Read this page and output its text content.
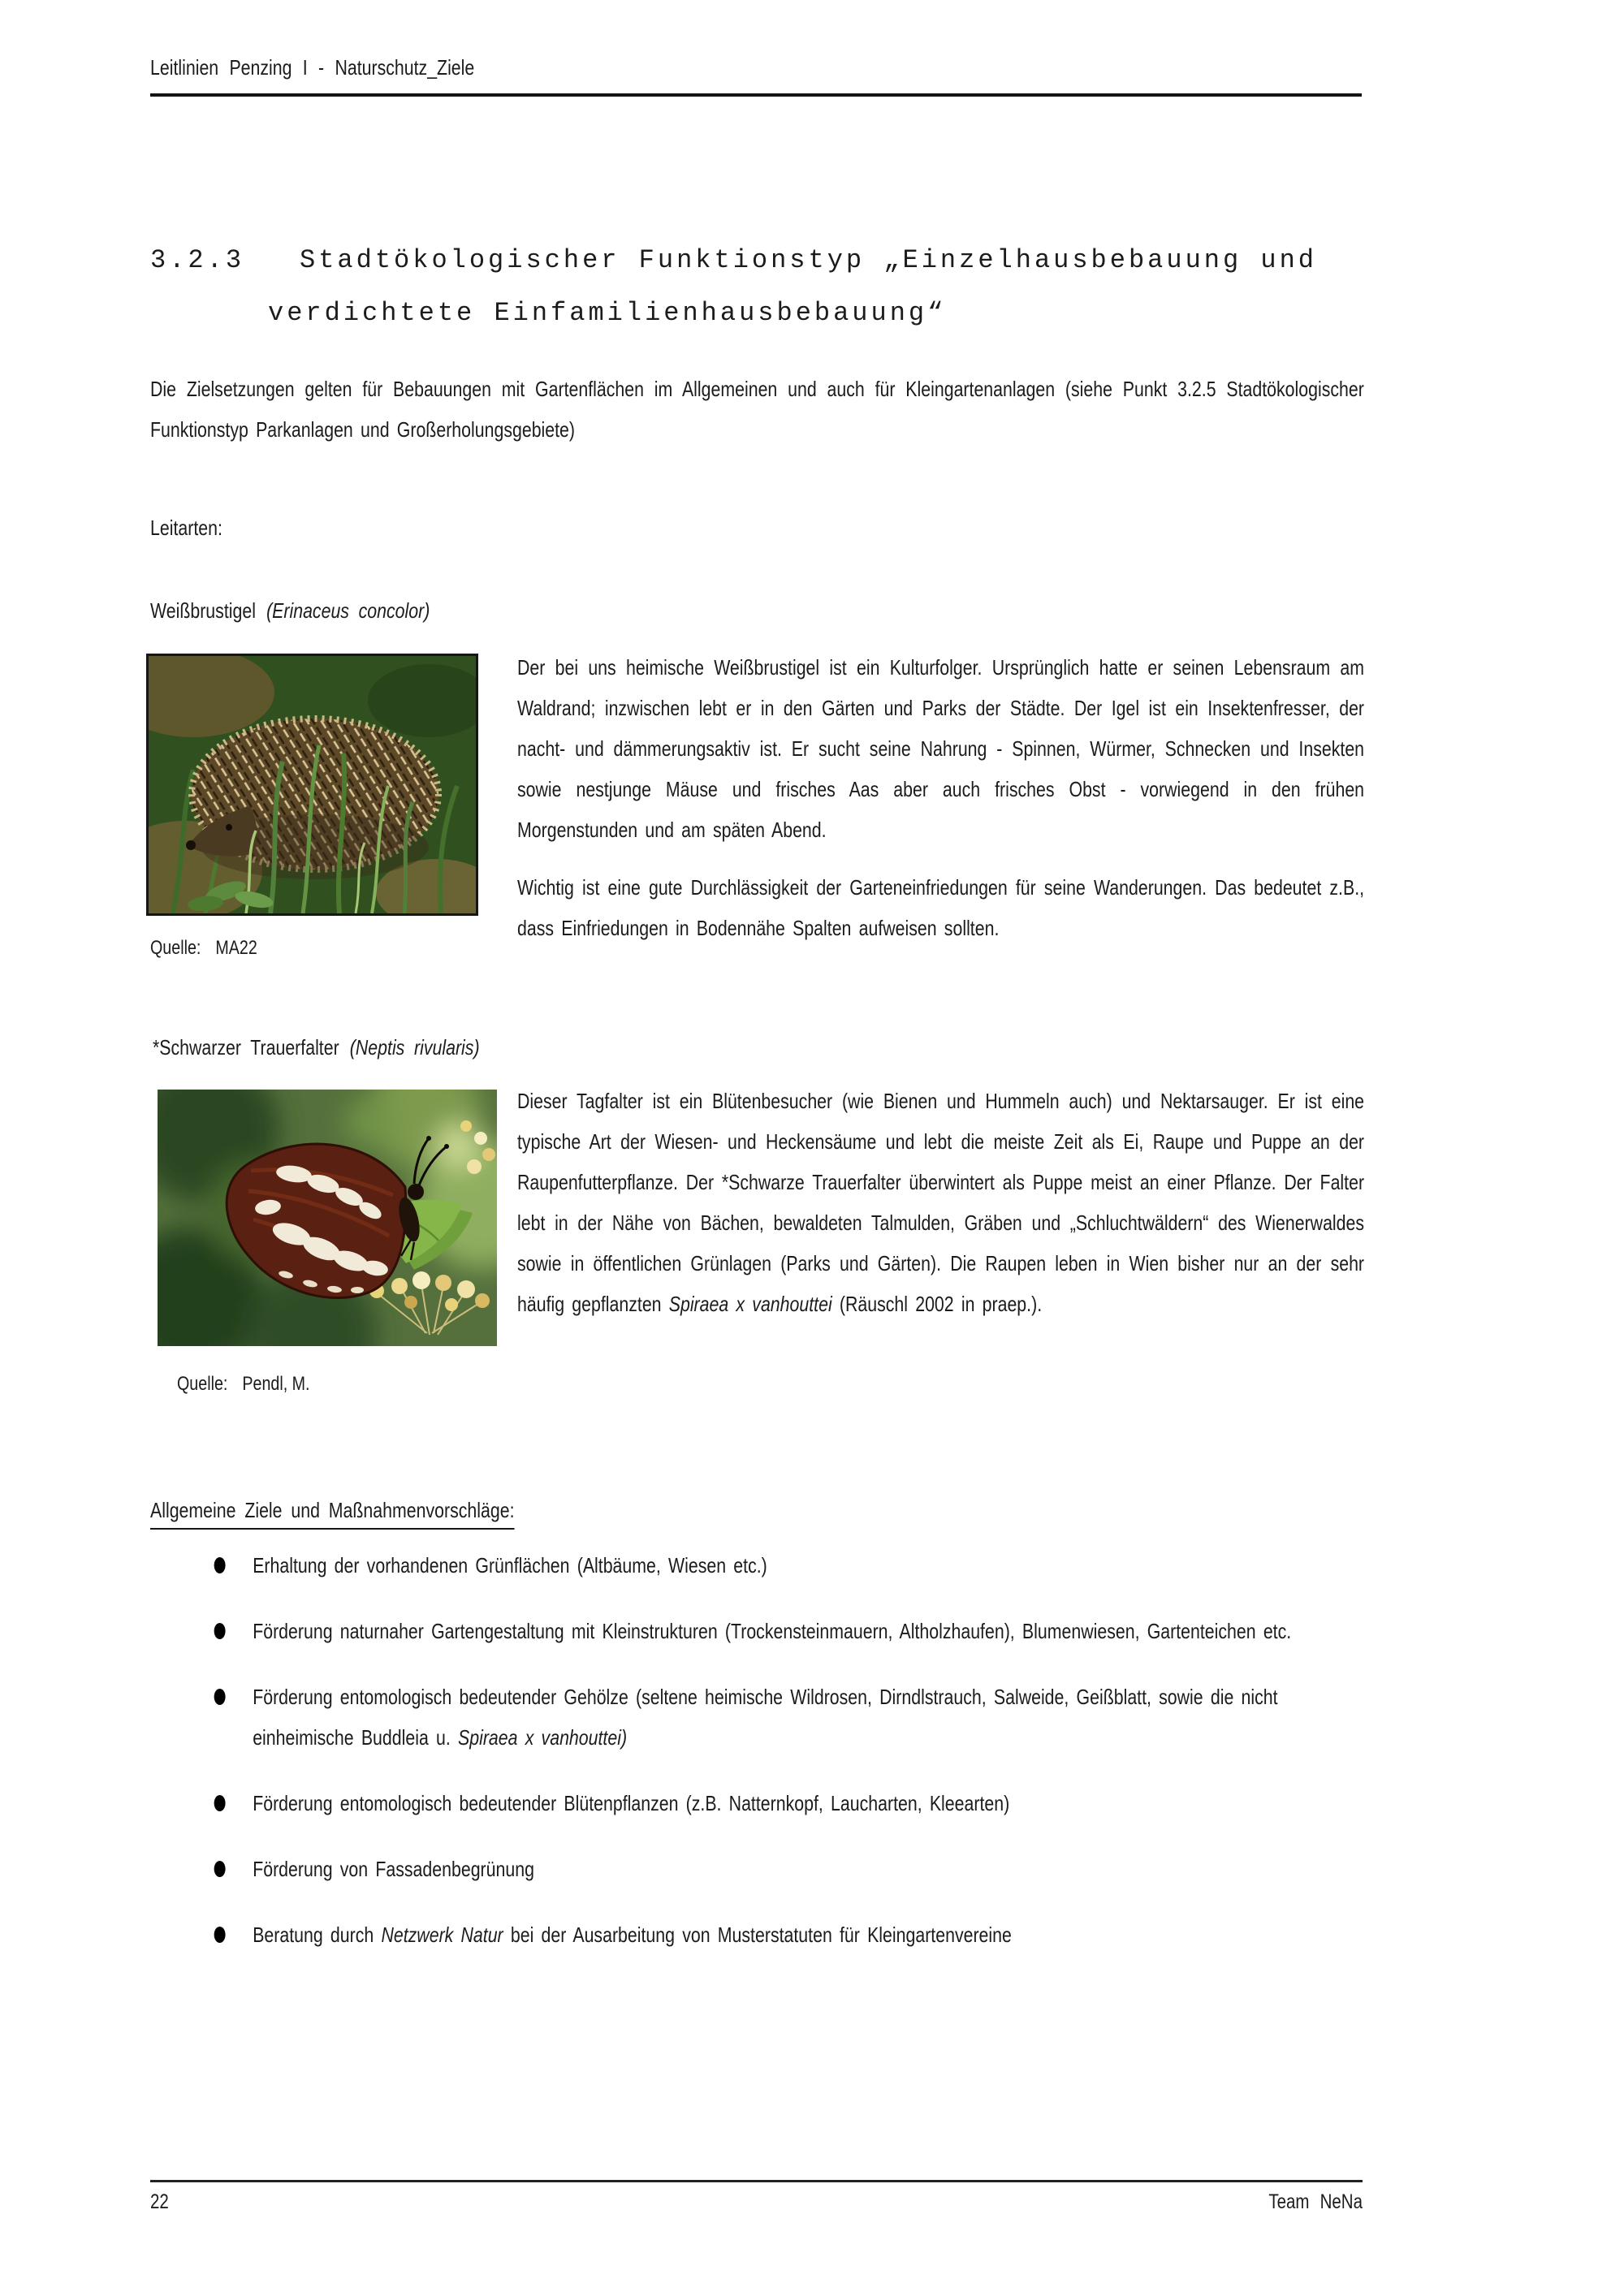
Leitlinien Penzing I - Naturschutz_Ziele
3.2.3 Stadtökologischer Funktionstyp „Einzelhausbebauung und
verdichtete Einfamilienhausbebauung“
Die Zielsetzungen gelten für Bebauungen mit Gartenflächen im Allgemeinen und auch für Kleingartenanlagen (siehe Punkt 3.2.5 Stadtökologischer Funktionstyp Parkanlagen und Großerholungsgebiete)
Leitarten:
Weißbrustigel (Erinaceus concolor)
Quelle: MA22

Der bei uns heimische Weißbrustigel ist ein Kulturfolger. Ursprünglich hatte er seinen Lebensraum am Waldrand; inzwischen lebt er in den Gärten und Parks der Städte. Der Igel ist ein Insektenfresser, der nacht- und dämmerungsaktiv ist. Er sucht seine Nahrung - Spinnen, Würmer, Schnecken und Insekten sowie nestjunge Mäuse und frisches Aas aber auch frisches Obst - vorwiegend in den frühen Morgenstunden und am späten Abend.

Wichtig ist eine gute Durchlässigkeit der Garteneinfriedungen für seine Wanderungen. Das bedeutet z.B., dass Einfriedungen in Bodennähe Spalten aufweisen sollten.

*Schwarzer Trauerfalter (Neptis rivularis)
Quelle: Pendl, M.

Dieser Tagfalter ist ein Blütenbesucher (wie Bienen und Hummeln auch) und Nektarsauger. Er ist eine typische Art der Wiesen- und Heckensäume und lebt die meiste Zeit als Ei, Raupe und Puppe an der Raupenfutterpflanze. Der *Schwarze Trauerfalter überwintert als Puppe meist an einer Pflanze. Der Falter lebt in der Nähe von Bächen, bewaldeten Talmulden, Gräben und „Schluchtwäldern“ des Wienerwaldes sowie in öffentlichen Grünlagen (Parks und Gärten). Die Raupen leben in Wien bisher nur an der sehr häufig gepflanzten Spiraea x vanhouttei (Räuschl 2002 in praep.).

Allgemeine Ziele und Maßnahmenvorschläge:
Erhaltung der vorhandenen Grünflächen (Altbäume, Wiesen etc.)
Förderung naturnaher Gartengestaltung mit Kleinstrukturen (Trockensteinmauern, Altholzhaufen), Blumenwiesen, Gartenteichen etc.
Förderung entomologisch bedeutender Gehölze (seltene heimische Wildrosen, Dirndlstrauch, Salweide, Geißblatt, sowie die nicht einheimische Buddleia u. Spiraea x vanhouttei)
Förderung entomologisch bedeutender Blütenpflanzen (z.B. Natternkopf, Laucharten, Kleearten)
Förderung von Fassadenbegrünung
Beratung durch Netzwerk Natur bei der Ausarbeitung von Musterstatuten für Kleingartenvereine
22	Team NeNa
